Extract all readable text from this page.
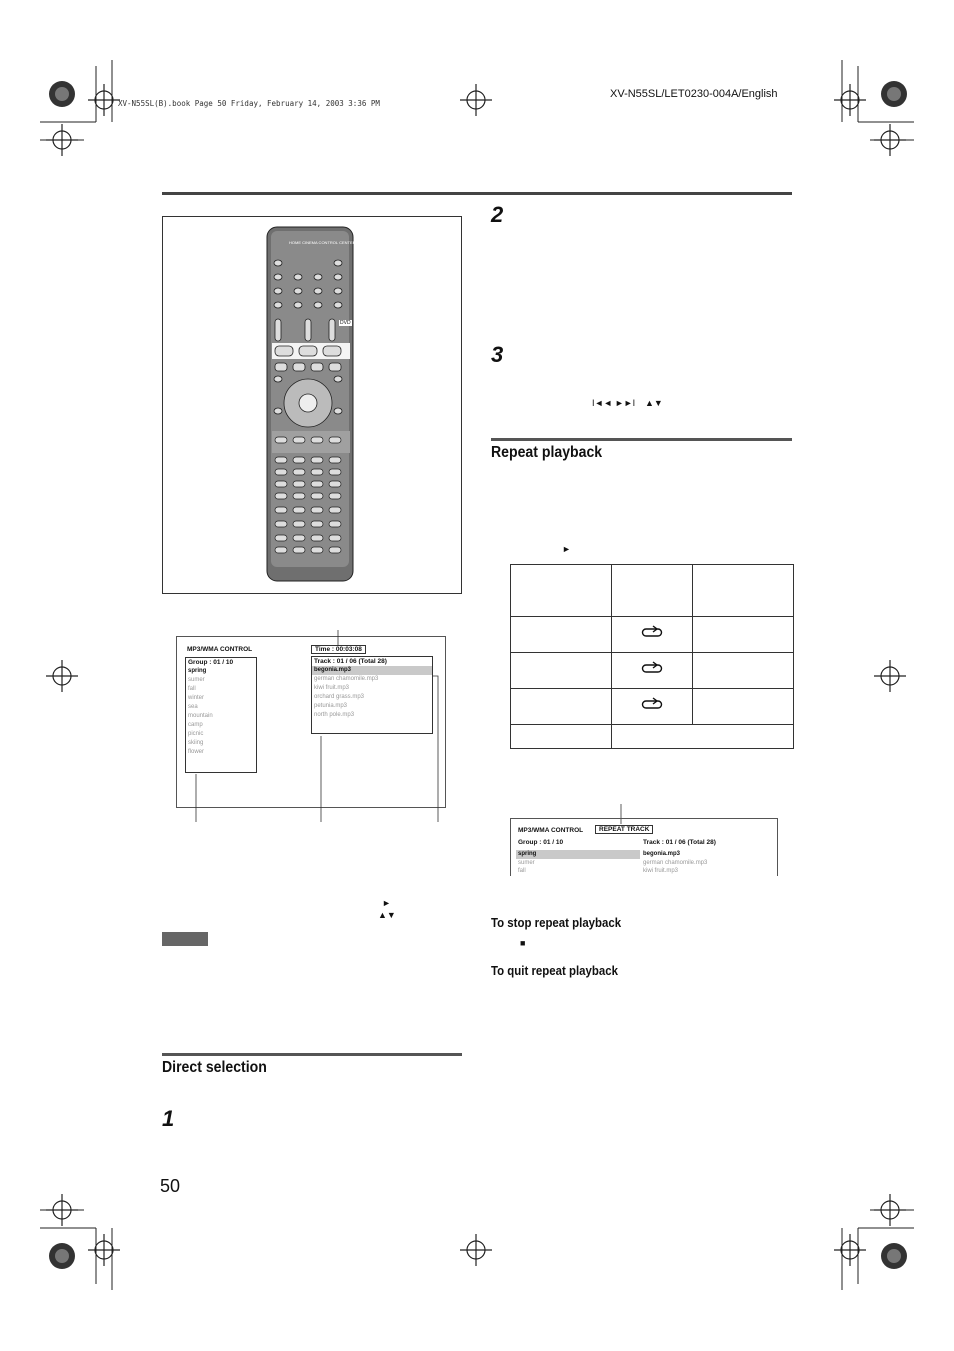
XV-N55SL/LET0230-004A/English
XV-N55SL(B).book Page 50 Friday, February 14, 2003 3:36 PM
HOME CINEMA CONTROL CENTER
DVD
MP3/WMA CONTROL	Time : 00:03:08
Group : 01 / 10
spring
sumer
fall
winter
sea
mountain
camp
picnic
skiing
flower
Track : 01 / 06 (Total 28)
begonia.mp3
german chamomile.mp3
kiwi fruit.mp3
orchard grass.mp3
petunia.mp3
north pole.mp3
►
▲▼
Direct selection
1
50
2
3
I◄◄ ►►I ▲▼
Repeat playback
►

MP3/WMA CONTROL	REPEAT TRACK
Group : 01 / 10	Track : 01 / 06 (Total 28)
spring
sumer
fall
begonia.mp3
german chamomile.mp3
kiwi fruit.mp3
To stop repeat playback
■
To quit repeat playback
